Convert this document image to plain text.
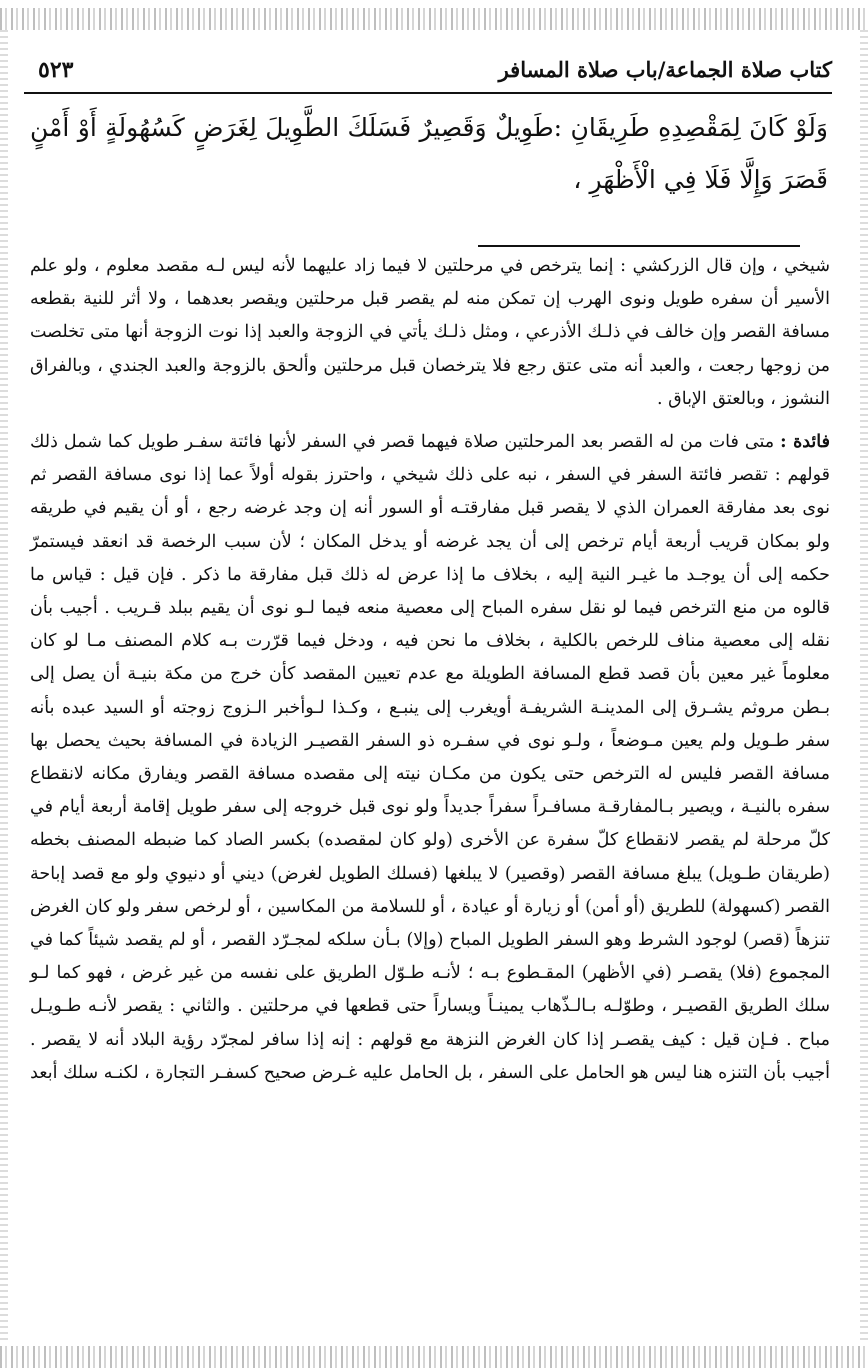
كتاب صلاة الجماعة/باب صلاة المسافر
٥٢٣
وَلَوْ كَانَ لِمَقْصِدِهِ طَرِيقَانِ :طَوِيلٌ وَقَصِيرٌ فَسَلَكَ الطَّوِيلَ لِغَرَضٍ كَسُهُولَةٍ أَوْ أَمْنٍ قَصَرَ وَإِلَّا فَلَا فِي الْأَظْهَرِ ،

شيخي ، وإن قال الزركشي : إنما يترخص في مرحلتين لا فيما زاد عليهما لأنه ليس لـه مقصد معلوم ، ولو علم الأسير أن سفره طويل ونوى الهرب إن تمكن منه لم يقصر قبل مرحلتين ويقصر بعدهما ، ولا أثر للنية بقطعه مسافة القصر وإن خالف في ذلـك الأذرعي ، ومثل ذلـك يأتي في الزوجة والعبد إذا نوت الزوجة أنها متى تخلصت من زوجها رجعت ، والعبد أنه متى عتق رجع فلا يترخصان قبل مرحلتين وألحق بالزوجة والعبد الجندي ، وبالفراق النشوز ، وبالعتق الإباق .

فائدة : متى فات من له القصر بعد المرحلتين صلاة فيهما قصر في السفر لأنها فائتة سفـر طويل كما شمل ذلك قولهم : تقصر فائتة السفر في السفر ، نبه على ذلك شيخي ، واحترز بقوله أولاً عما إذا نوى مسافة القصر ثم نوى بعد مفارقة العمران الذي لا يقصر قبل مفارقتـه أو السور أنه إن وجد غرضه رجع ، أو أن يقيم في طريقه ولو بمكان قريب أربعة أيام ترخص إلى أن يجد غرضه أو يدخل المكان ؛ لأن سبب الرخصة قد انعقد فيستمرّ حكمه إلى أن يوجـد ما غيـر النية إليه ، بخلاف ما إذا عرض له ذلك قبل مفارقة ما ذكر . فإن قيل : قياس ما قالوه من منع الترخص فيما لو نقل سفره المباح إلى معصية منعه فيما لـو نوى أن يقيم ببلد قـريب . أجيب بأن نقله إلى معصية مناف للرخص بالكلية ، بخلاف ما نحن فيه ، ودخل فيما قرّرت بـه كلام المصنف مـا لو كان معلوماً غير معين بأن قصد قطع المسافة الطويلة مع عدم تعيين المقصد كأن خرج من مكة بنيـة أن يصل إلى بـطن مروثم يشـرق إلى المدينـة الشريفـة أويغرب إلى ينبـع ، وكـذا لـوأخبر الـزوج زوجته أو السيد عبده بأنه سفر طـويل ولم يعين مـوضعاً ، ولـو نوى في سفـره ذو السفر القصيـر الزيادة في المسافة بحيث يحصل بها مسافة القصر فليس له الترخص حتى يكون من مكـان نيته إلى مقصده مسافة القصر ويفارق مكانه لانقطاع سفره بالنيـة ، ويصير بـالمفارقـة مسافـراً سفراً جديداً ولو نوى قبل خروجه إلى سفر طويل إقامة أربعة أيام في كلّ مرحلة لم يقصر لانقطاع كلّ سفرة عن الأخرى (ولو كان لمقصده) بكسر الصاد كما ضبطه المصنف بخطه (طريقان طـويل) يبلغ مسافة القصر (وقصير) لا يبلغها (فسلك الطويل لغرض) ديني أو دنيوي ولو مع قصد إباحة القصر (كسهولة) للطريق (أو أمن) أو زيارة أو عيادة ، أو للسلامة من المكاسين ، أو لرخص سفر ولو كان الغرض تنزهاً (قصر) لوجود الشرط وهو السفر الطويل المباح (وإلا) بـأن سلكه لمجـرّد القصر ، أو لم يقصد شيئاً كما في المجموع (فلا) يقصـر (في الأظهر) المقـطوع بـه ؛ لأنـه طـوّل الطريق على نفسه من غير غرض ، فهو كما لـو سلك الطريق القصيـر ، وطوّلـه بـالـذّهاب يمينـاً ويساراً حتى قطعها في مرحلتين . والثاني : يقصر لأنـه طـويـل مباح . فـإن قيل : كيف يقصـر إذا كان الغرض النزهة مع قولهم : إنه إذا سافر لمجرّد رؤية البلاد أنه لا يقصر . أجيب بأن التنزه هنا ليس هو الحامل على السفر ، بل الحامل عليه غـرض صحيح كسفـر التجارة ، لكنـه سلك أبعد
